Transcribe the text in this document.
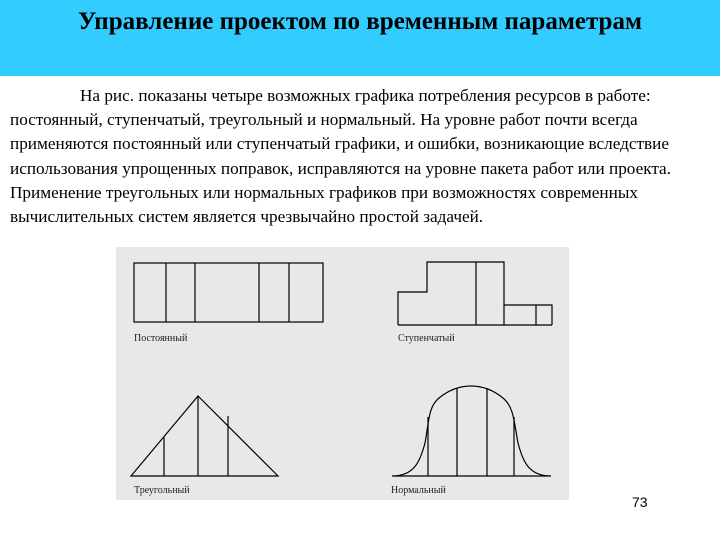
Управление проектом по временным параметрам
На рис. показаны четыре возможных графика потребления ресурсов в работе: постоянный, ступенчатый, треугольный и нормальный. На уровне работ почти всегда применяются постоянный или ступенчатый графики, и ошибки, возникающие вследствие использования упрощенных поправок, исправляются на уровне пакета работ или проекта. Применение треугольных или нормальных графиков при возможностях современных вычислительных систем является чрезвычайно простой задачей.
Постоянный	Ступенчатый
Треугольный	Нормальный
73
